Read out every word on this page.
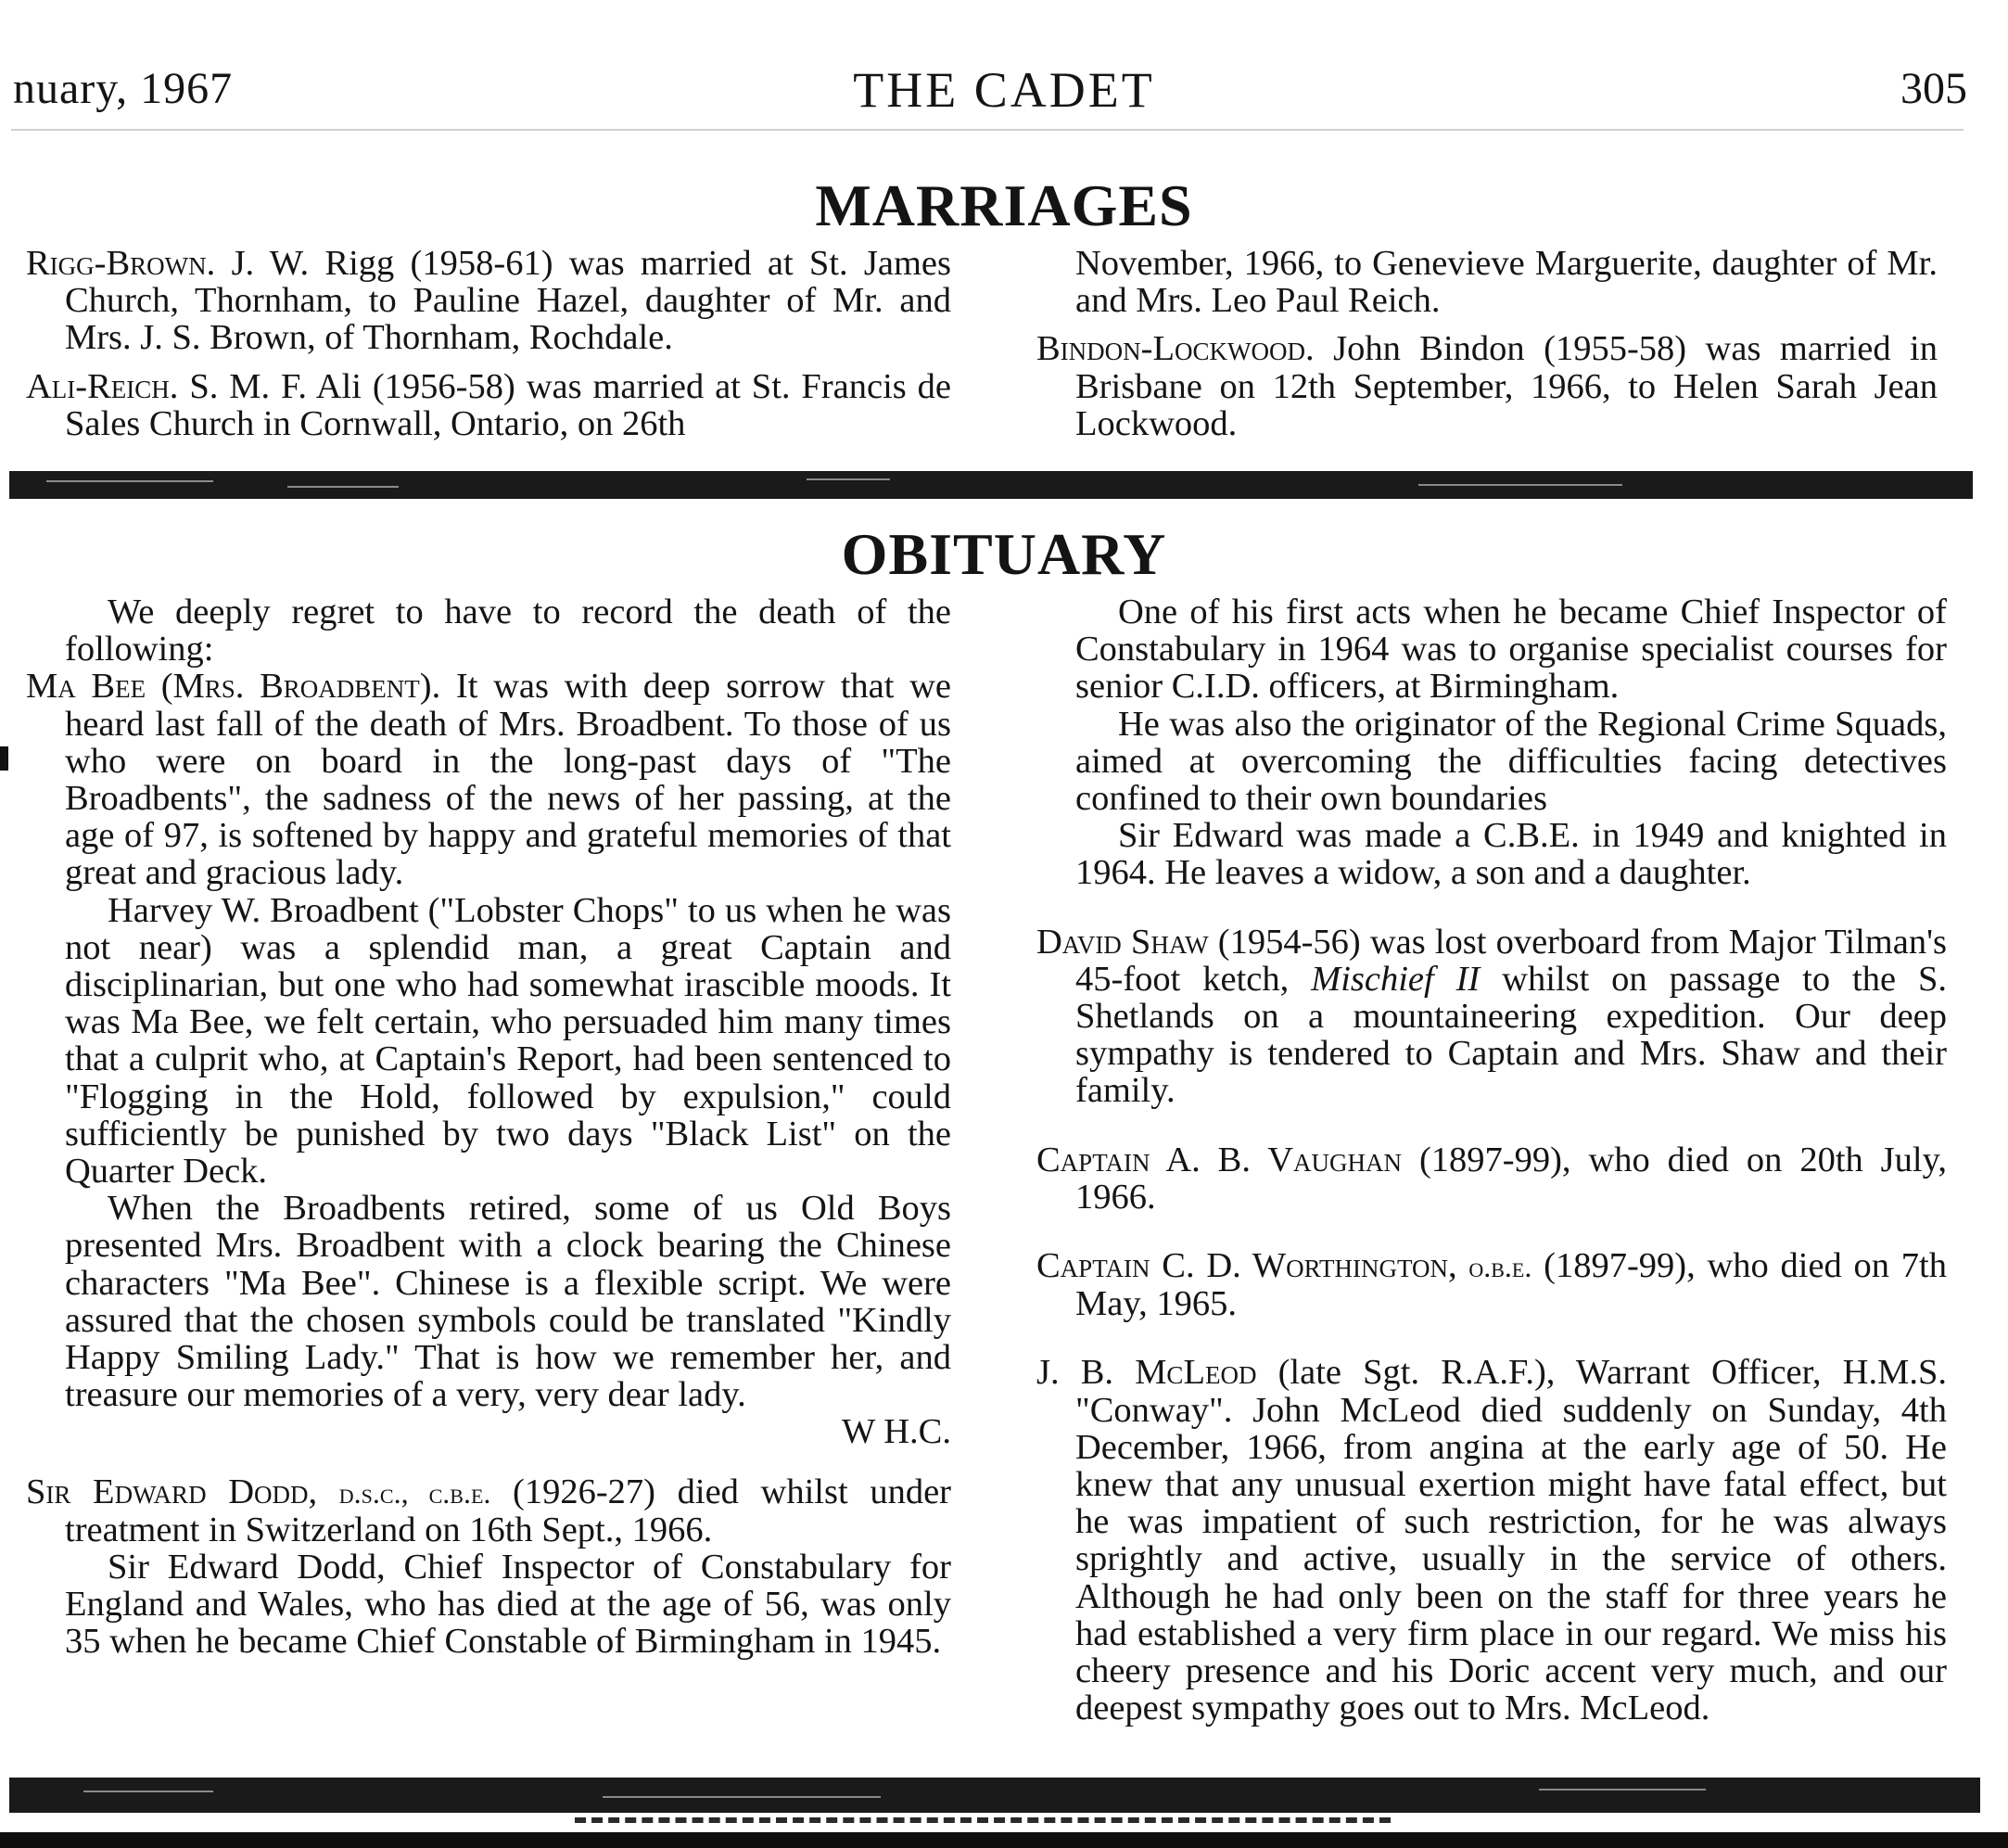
nuary, 1967	THE CADET	305
MARRIAGES

Rigg-Brown. J. W. Rigg (1958-61) was married at St. James Church, Thornham, to Pauline Hazel, daughter of Mr. and Mrs. J. S. Brown, of Thornham, Rochdale.

Ali-Reich. S. M. F. Ali (1956-58) was married at St. Francis de Sales Church in Cornwall, Ontario, on 26th

November, 1966, to Genevieve Marguerite, daughter of Mr. and Mrs. Leo Paul Reich.

Bindon-Lockwood. John Bindon (1955-58) was married in Brisbane on 12th September, 1966, to Helen Sarah Jean Lockwood.

OBITUARY

We deeply regret to have to record the death of the following:

Ma Bee (Mrs. Broadbent). It was with deep sorrow that we heard last fall of the death of Mrs. Broadbent. To those of us who were on board in the long-past days of "The Broadbents", the sadness of the news of her passing, at the age of 97, is softened by happy and grateful memories of that great and gracious lady.

Harvey W. Broadbent ("Lobster Chops" to us when he was not near) was a splendid man, a great Captain and disciplinarian, but one who had somewhat irascible moods. It was Ma Bee, we felt certain, who persuaded him many times that a culprit who, at Captain's Report, had been sentenced to "Flogging in the Hold, followed by expulsion," could sufficiently be punished by two days "Black List" on the Quarter Deck.

When the Broadbents retired, some of us Old Boys presented Mrs. Broadbent with a clock bearing the Chinese characters "Ma Bee". Chinese is a flexible script. We were assured that the chosen symbols could be translated "Kindly Happy Smiling Lady." That is how we remember her, and treasure our memories of a very, very dear lady.

W H.C.

Sir Edward Dodd, d.s.c., c.b.e. (1926-27) died whilst under treatment in Switzerland on 16th Sept., 1966.

Sir Edward Dodd, Chief Inspector of Constabulary for England and Wales, who has died at the age of 56, was only 35 when he became Chief Constable of Birmingham in 1945.

One of his first acts when he became Chief Inspector of Constabulary in 1964 was to organise specialist courses for senior C.I.D. officers, at Birmingham.

He was also the originator of the Regional Crime Squads, aimed at overcoming the difficulties facing detectives confined to their own boundaries

Sir Edward was made a C.B.E. in 1949 and knighted in 1964. He leaves a widow, a son and a daughter.

David Shaw (1954-56) was lost overboard from Major Tilman's 45-foot ketch, Mischief II whilst on passage to the S. Shetlands on a mountaineering expedition. Our deep sympathy is tendered to Captain and Mrs. Shaw and their family.

Captain A. B. Vaughan (1897-99), who died on 20th July, 1966.

Captain C. D. Worthington, o.b.e. (1897-99), who died on 7th May, 1965.

J. B. McLeod (late Sgt. R.A.F.), Warrant Officer, H.M.S. "Conway". John McLeod died suddenly on Sunday, 4th December, 1966, from angina at the early age of 50. He knew that any unusual exertion might have fatal effect, but he was impatient of such restriction, for he was always sprightly and active, usually in the service of others. Although he had only been on the staff for three years he had established a very firm place in our regard. We miss his cheery presence and his Doric accent very much, and our deepest sympathy goes out to Mrs. McLeod.
